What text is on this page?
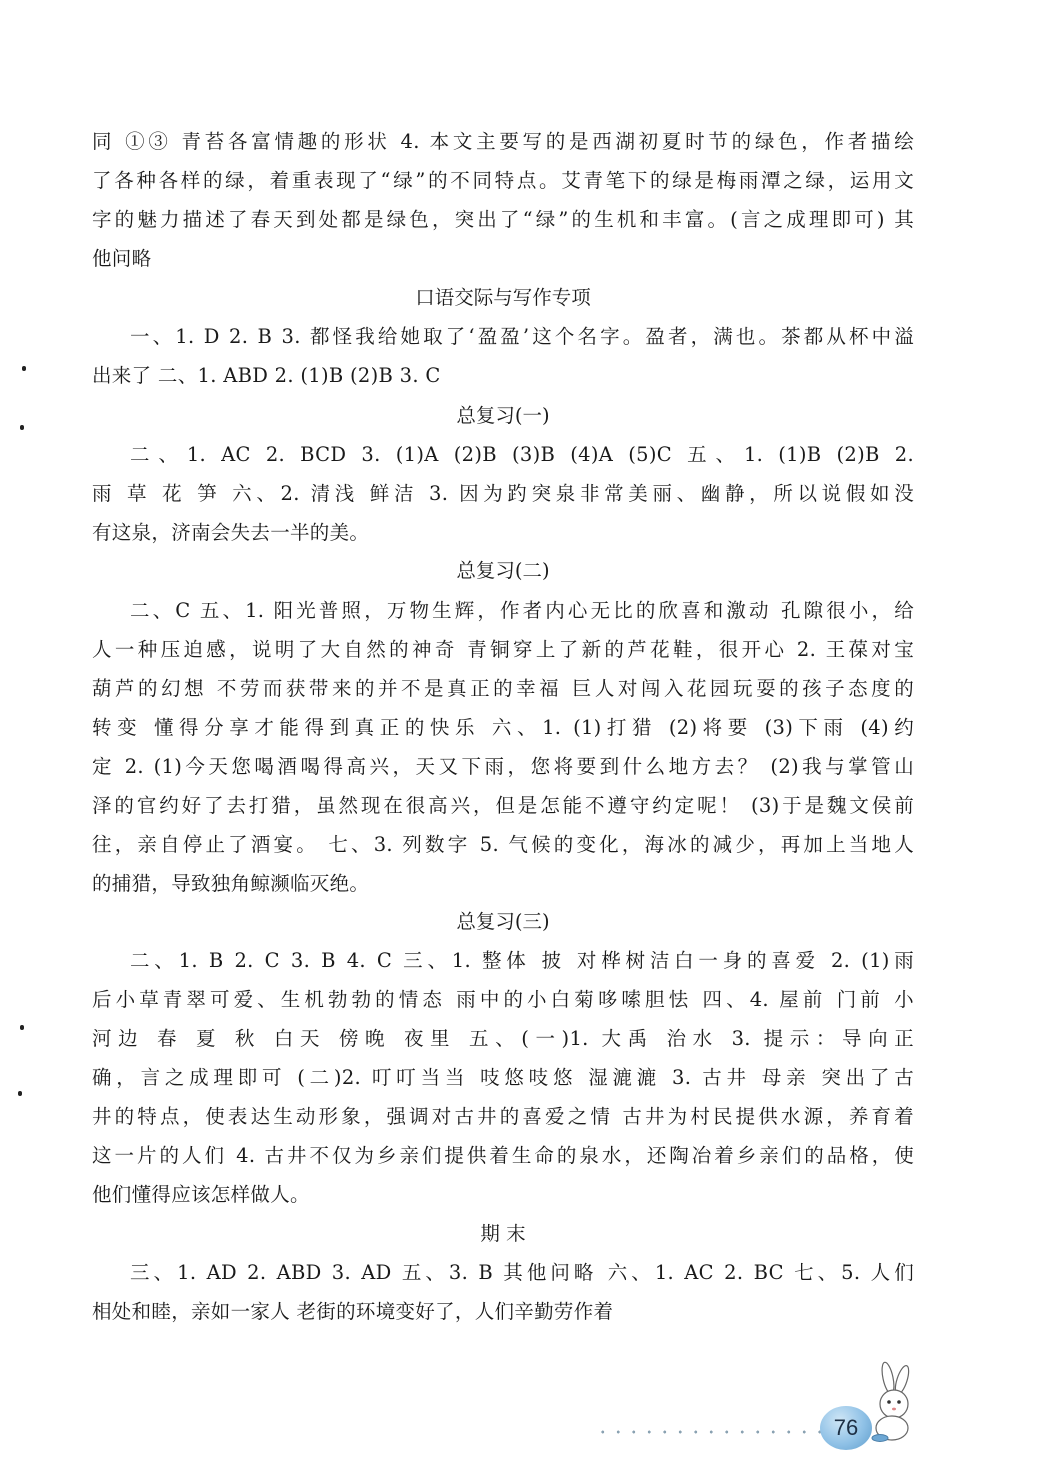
同 ①③ 青苔各富情趣的形状 4. 本文主要写的是西湖初夏时节的绿色，作者描绘
了各种各样的绿，着重表现了“绿”的不同特点。艾青笔下的绿是梅雨潭之绿，运用文
字的魅力描述了春天到处都是绿色，突出了“绿”的生机和丰富。(言之成理即可) 其
他问略
口语交际与写作专项
一、1. D 2. B 3. 都怪我给她取了‘盈盈’这个名字。盈者，满也。茶都从杯中溢
出来了 二、1. ABD 2. (1)B (2)B 3. C
总复习(一)
二、1. AC 2. BCD 3. (1)A (2)B (3)B (4)A (5)C 五、1. (1)B (2)B 2.
雨 草 花 笋 六、2. 清浅 鲜洁 3. 因为趵突泉非常美丽、幽静，所以说假如没
有这泉，济南会失去一半的美。
总复习(二)
二、C 五、1. 阳光普照，万物生辉，作者内心无比的欣喜和激动 孔隙很小，给
人一种压迫感，说明了大自然的神奇 青铜穿上了新的芦花鞋，很开心 2. 王葆对宝
葫芦的幻想 不劳而获带来的并不是真正的幸福 巨人对闯入花园玩耍的孩子态度的
转变 懂得分享才能得到真正的快乐 六、1. (1)打猎 (2)将要 (3)下雨 (4)约
定 2. (1)今天您喝酒喝得高兴，天又下雨，您将要到什么地方去？ (2)我与掌管山
泽的官约好了去打猎，虽然现在很高兴，但是怎能不遵守约定呢！ (3)于是魏文侯前
往，亲自停止了酒宴。 七、3. 列数字 5. 气候的变化，海冰的减少，再加上当地人
的捕猎，导致独角鲸濒临灭绝。
总复习(三)
二、1. B 2. C 3. B 4. C 三、1. 整体 披 对桦树洁白一身的喜爱 2. (1)雨
后小草青翠可爱、生机勃勃的情态 雨中的小白菊哆嗦胆怯 四、4. 屋前 门前 小
河边 春 夏 秋 白天 傍晚 夜里 五、(一)1. 大禹 治水 3. 提示：导向正
确，言之成理即可 (二)2. 叮叮当当 吱悠吱悠 湿漉漉 3. 古井 母亲 突出了古
井的特点，使表达生动形象，强调对古井的喜爱之情 古井为村民提供水源，养育着
这一片的人们 4. 古井不仅为乡亲们提供着生命的泉水，还陶冶着乡亲们的品格，使
他们懂得应该怎样做人。
期 末
三、1. AD 2. ABD 3. AD 五、3. B 其他问略 六、1. AC 2. BC 七、5. 人们
相处和睦，亲如一家人 老街的环境变好了，人们辛勤劳作着
76
